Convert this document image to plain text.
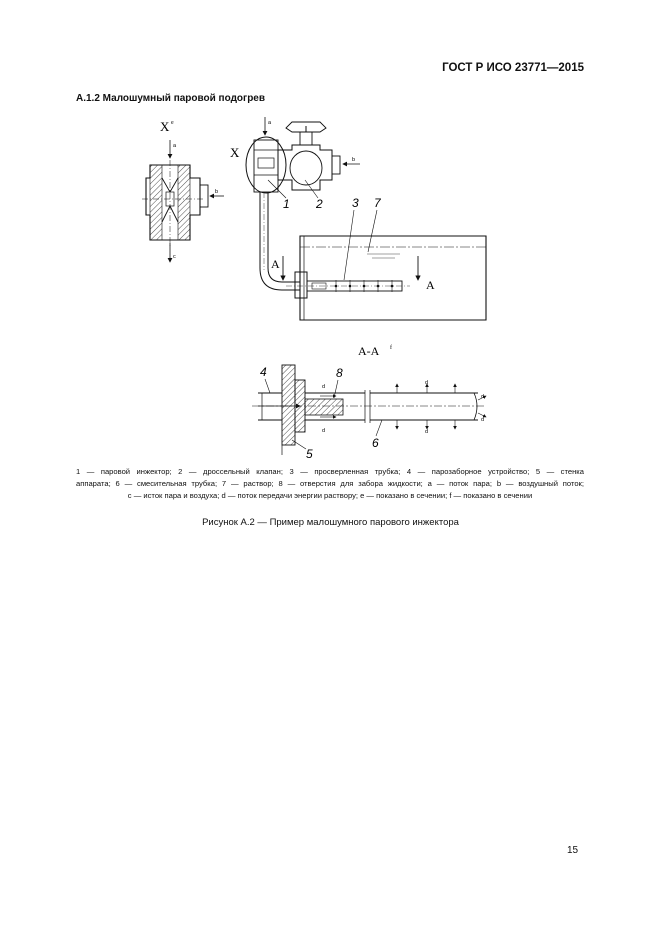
ГОСТ Р ИСО 23771—2015
А.1.2 Малошумный паровой подогрев
X e
a
b
c
X
a
b
1 2
А
А
3 7
А-А f
d
d
d
d
d
d
4	8
5
6
1 — паровой инжектор; 2 — дроссельный клапан; 3 — просверленная трубка; 4 — парозаборное устройство; 5 — стенка
аппарата; 6 — смесительная трубка; 7 — раствор; 8 — отверстия для забора жидкости; a — поток пара; b — воздушный поток;
c — исток пара и воздуха; d — поток передачи энергии раствору; e — показано в сечении; f — показано в сечении
Рисунок А.2 — Пример малошумного парового инжектора
15
